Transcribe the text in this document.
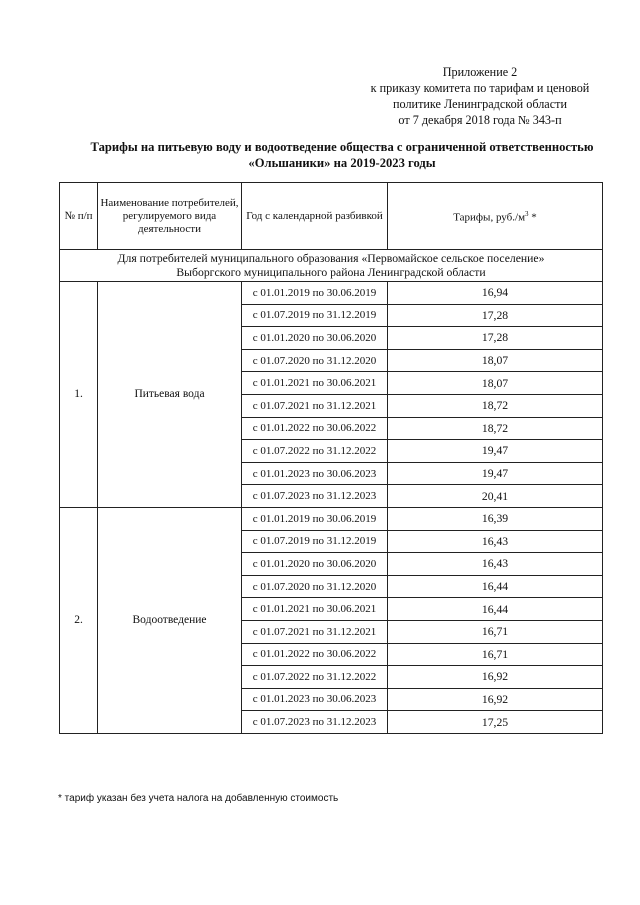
Приложение 2
к приказу комитета по тарифам и ценовой
политике Ленинградской области
от 7 декабря 2018 года № 343-п
Тарифы на питьевую воду и водоотведение общества с ограниченной ответственностью
«Ольшаники» на 2019-2023 годы
№ п/п	Наименование потребителей, регулируемого вида деятельности	Год с календарной разбивкой	Тарифы, $руб./м^3$ *

Для потребителей муниципального образования «Первомайское сельское поселение»
Выборгского муниципального района Ленинградской области			

1.	Питьевая вода	с 01.01.2019 по 30.06.2019	16,94
		с 01.07.2019 по 31.12.2019	17,28
		с 01.01.2020 по 30.06.2020	17,28
		с 01.07.2020 по 31.12.2020	18,07
		с 01.01.2021 по 30.06.2021	18,07
		с 01.07.2021 по 31.12.2021	18,72
		с 01.01.2022 по 30.06.2022	18,72
		с 01.07.2022 по 31.12.2022	19,47
		с 01.01.2023 по 30.06.2023	19,47
		с 01.07.2023 по 31.12.2023	20,41
2.	Водоотведение	с 01.01.2019 по 30.06.2019	16,39
		с 01.07.2019 по 31.12.2019	16,43
		с 01.01.2020 по 30.06.2020	16,43
		с 01.07.2020 по 31.12.2020	16,44
		с 01.01.2021 по 30.06.2021	16,44
		с 01.07.2021 по 31.12.2021	16,71
		с 01.01.2022 по 30.06.2022	16,71
		с 01.07.2022 по 31.12.2022	16,92
		с 01.01.2023 по 30.06.2023	16,92
		с 01.07.2023 по 31.12.2023	17,25
* тариф указан без учета налога на добавленную стоимость
